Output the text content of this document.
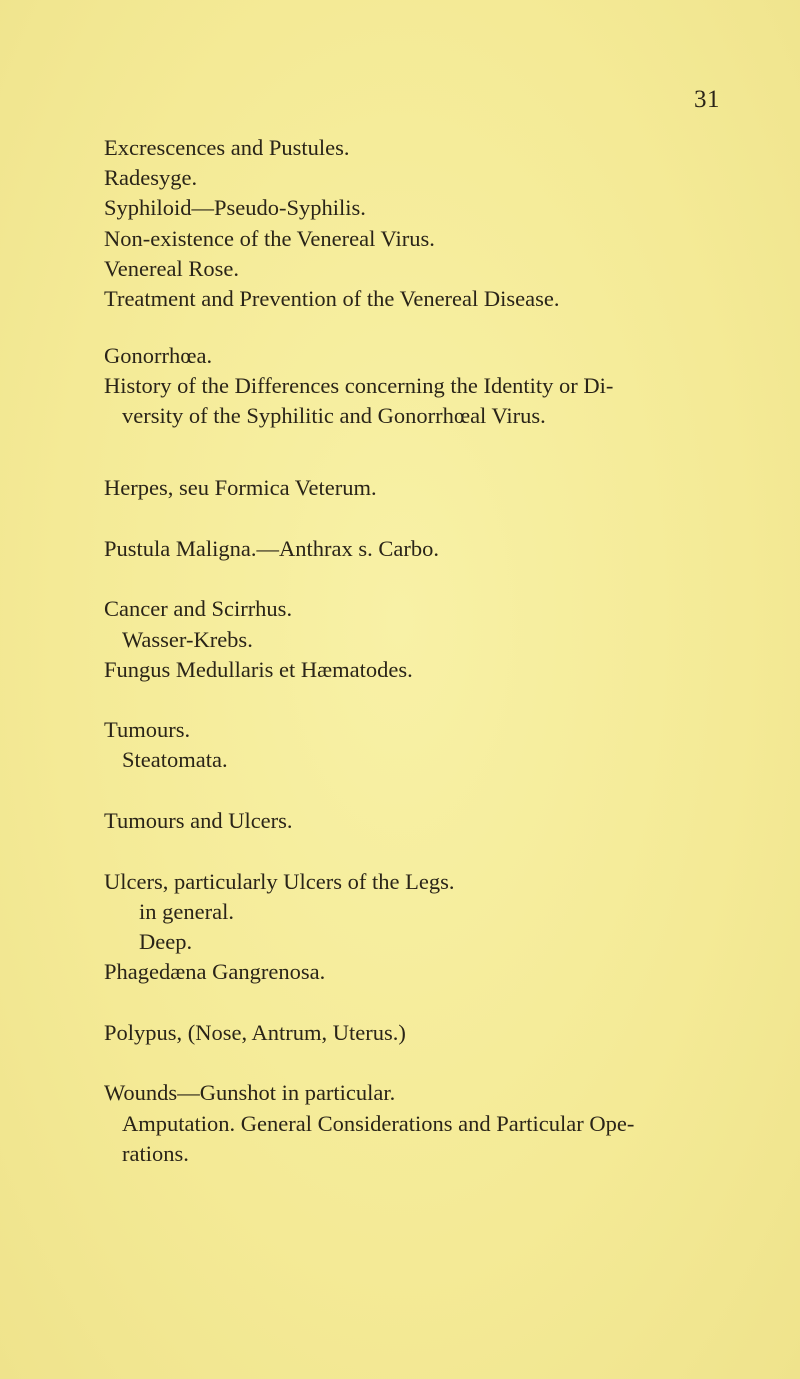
31
Excrescences and Pustules.
Radesyge.
Syphiloid—Pseudo-Syphilis.
Non-existence of the Venereal Virus.
Venereal Rose.
Treatment and Prevention of the Venereal Disease.
Gonorrhœa.
History of the Differences concerning the Identity or Di-
versity of the Syphilitic and Gonorrhœal Virus.
Herpes, seu Formica Veterum.
Pustula Maligna.—Anthrax s. Carbo.
Cancer and Scirrhus.
Wasser-Krebs.
Fungus Medullaris et Hæmatodes.
Tumours.
Steatomata.
Tumours and Ulcers.
Ulcers, particularly Ulcers of the Legs.
in general.
Deep.
Phagedæna Gangrenosa.
Polypus, (Nose, Antrum, Uterus.)
Wounds—Gunshot in particular.
Amputation. General Considerations and Particular Ope-
rations.
